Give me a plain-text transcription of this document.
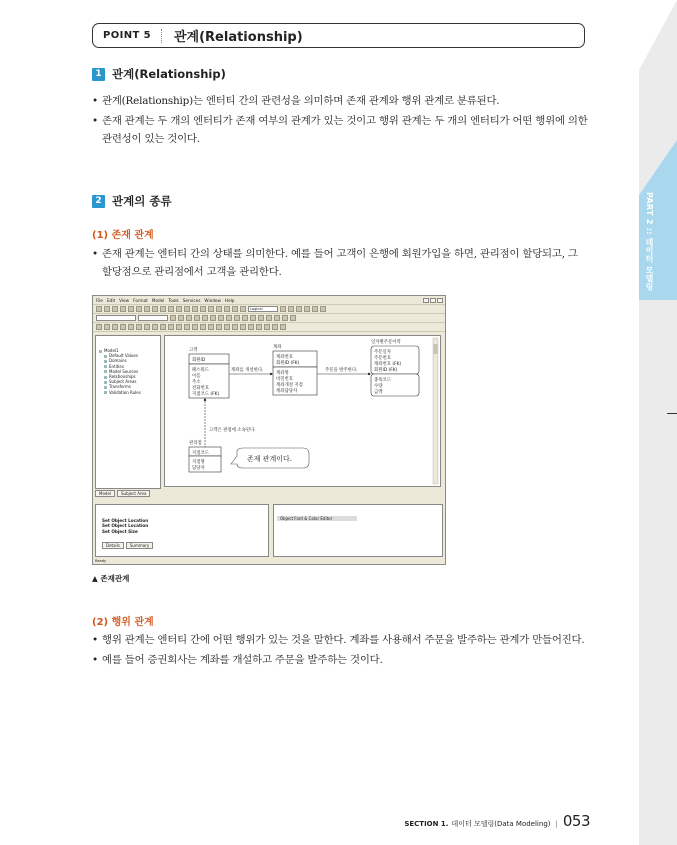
PART 2 :: 데이터 모델링
POINT 5	관계(Relationship)
1 관계(Relationship)
• 관계(Relationship)는 엔터티 간의 관련성을 의미하며 존재 관계와 행위 관계로 분류된다.
• 존재 관계는 두 개의 엔터티가 존재 여부의 관계가 있는 것이고 행위 관계는 두 개의 엔터티가 어떤 행위에 의한 관련성이 있는 것이다.
2 관계의 종류
(1) 존재 관계
• 존재 관계는 엔터티 간의 상태를 의미한다. 예를 들어 고객이 은행에 회원가입을 하면, 관리점이 할당되고, 그 할당점으로 관리점에서 고객을 관리한다.
File Edit View Format Model Tools Services Window Help
Logical
Model1
Default Values
Domains
Entities
Model Sources
Relationships
Subject Areas
Transforms
Validation Rules
Model	Subject Area
고객
회원ID
패스워드
이름
주소
전화번호
지점코드 (FK)
계좌
계좌번호
회원ID (FK)
계좌명
비밀번호
계좌개설 지점
계좌담당자
일자별주문이력
주문일자
주문번호
계좌번호 (FK)
회원ID (FK)
종목코드
수량
금액
관리점
지점코드
지점명
담당자
계좌를 개설한다.	주문을 발주한다.
고객은 관점에 소속된다.
존재 관계이다.
Set Object Location
Set Object Location
Set Object Size
Details	Summary
Object Font & Color Editor
Ready
▲ 존재관계
(2) 행위 관계
• 행위 관계는 엔터티 간에 어떤 행위가 있는 것을 말한다. 계좌를 사용해서 주문을 발주하는 관계가 만들어진다.
• 예를 들어 증권회사는 계좌를 개설하고 주문을 발주하는 것이다.
SECTION 1. 데이터 모델링(Data Modeling) | 053
